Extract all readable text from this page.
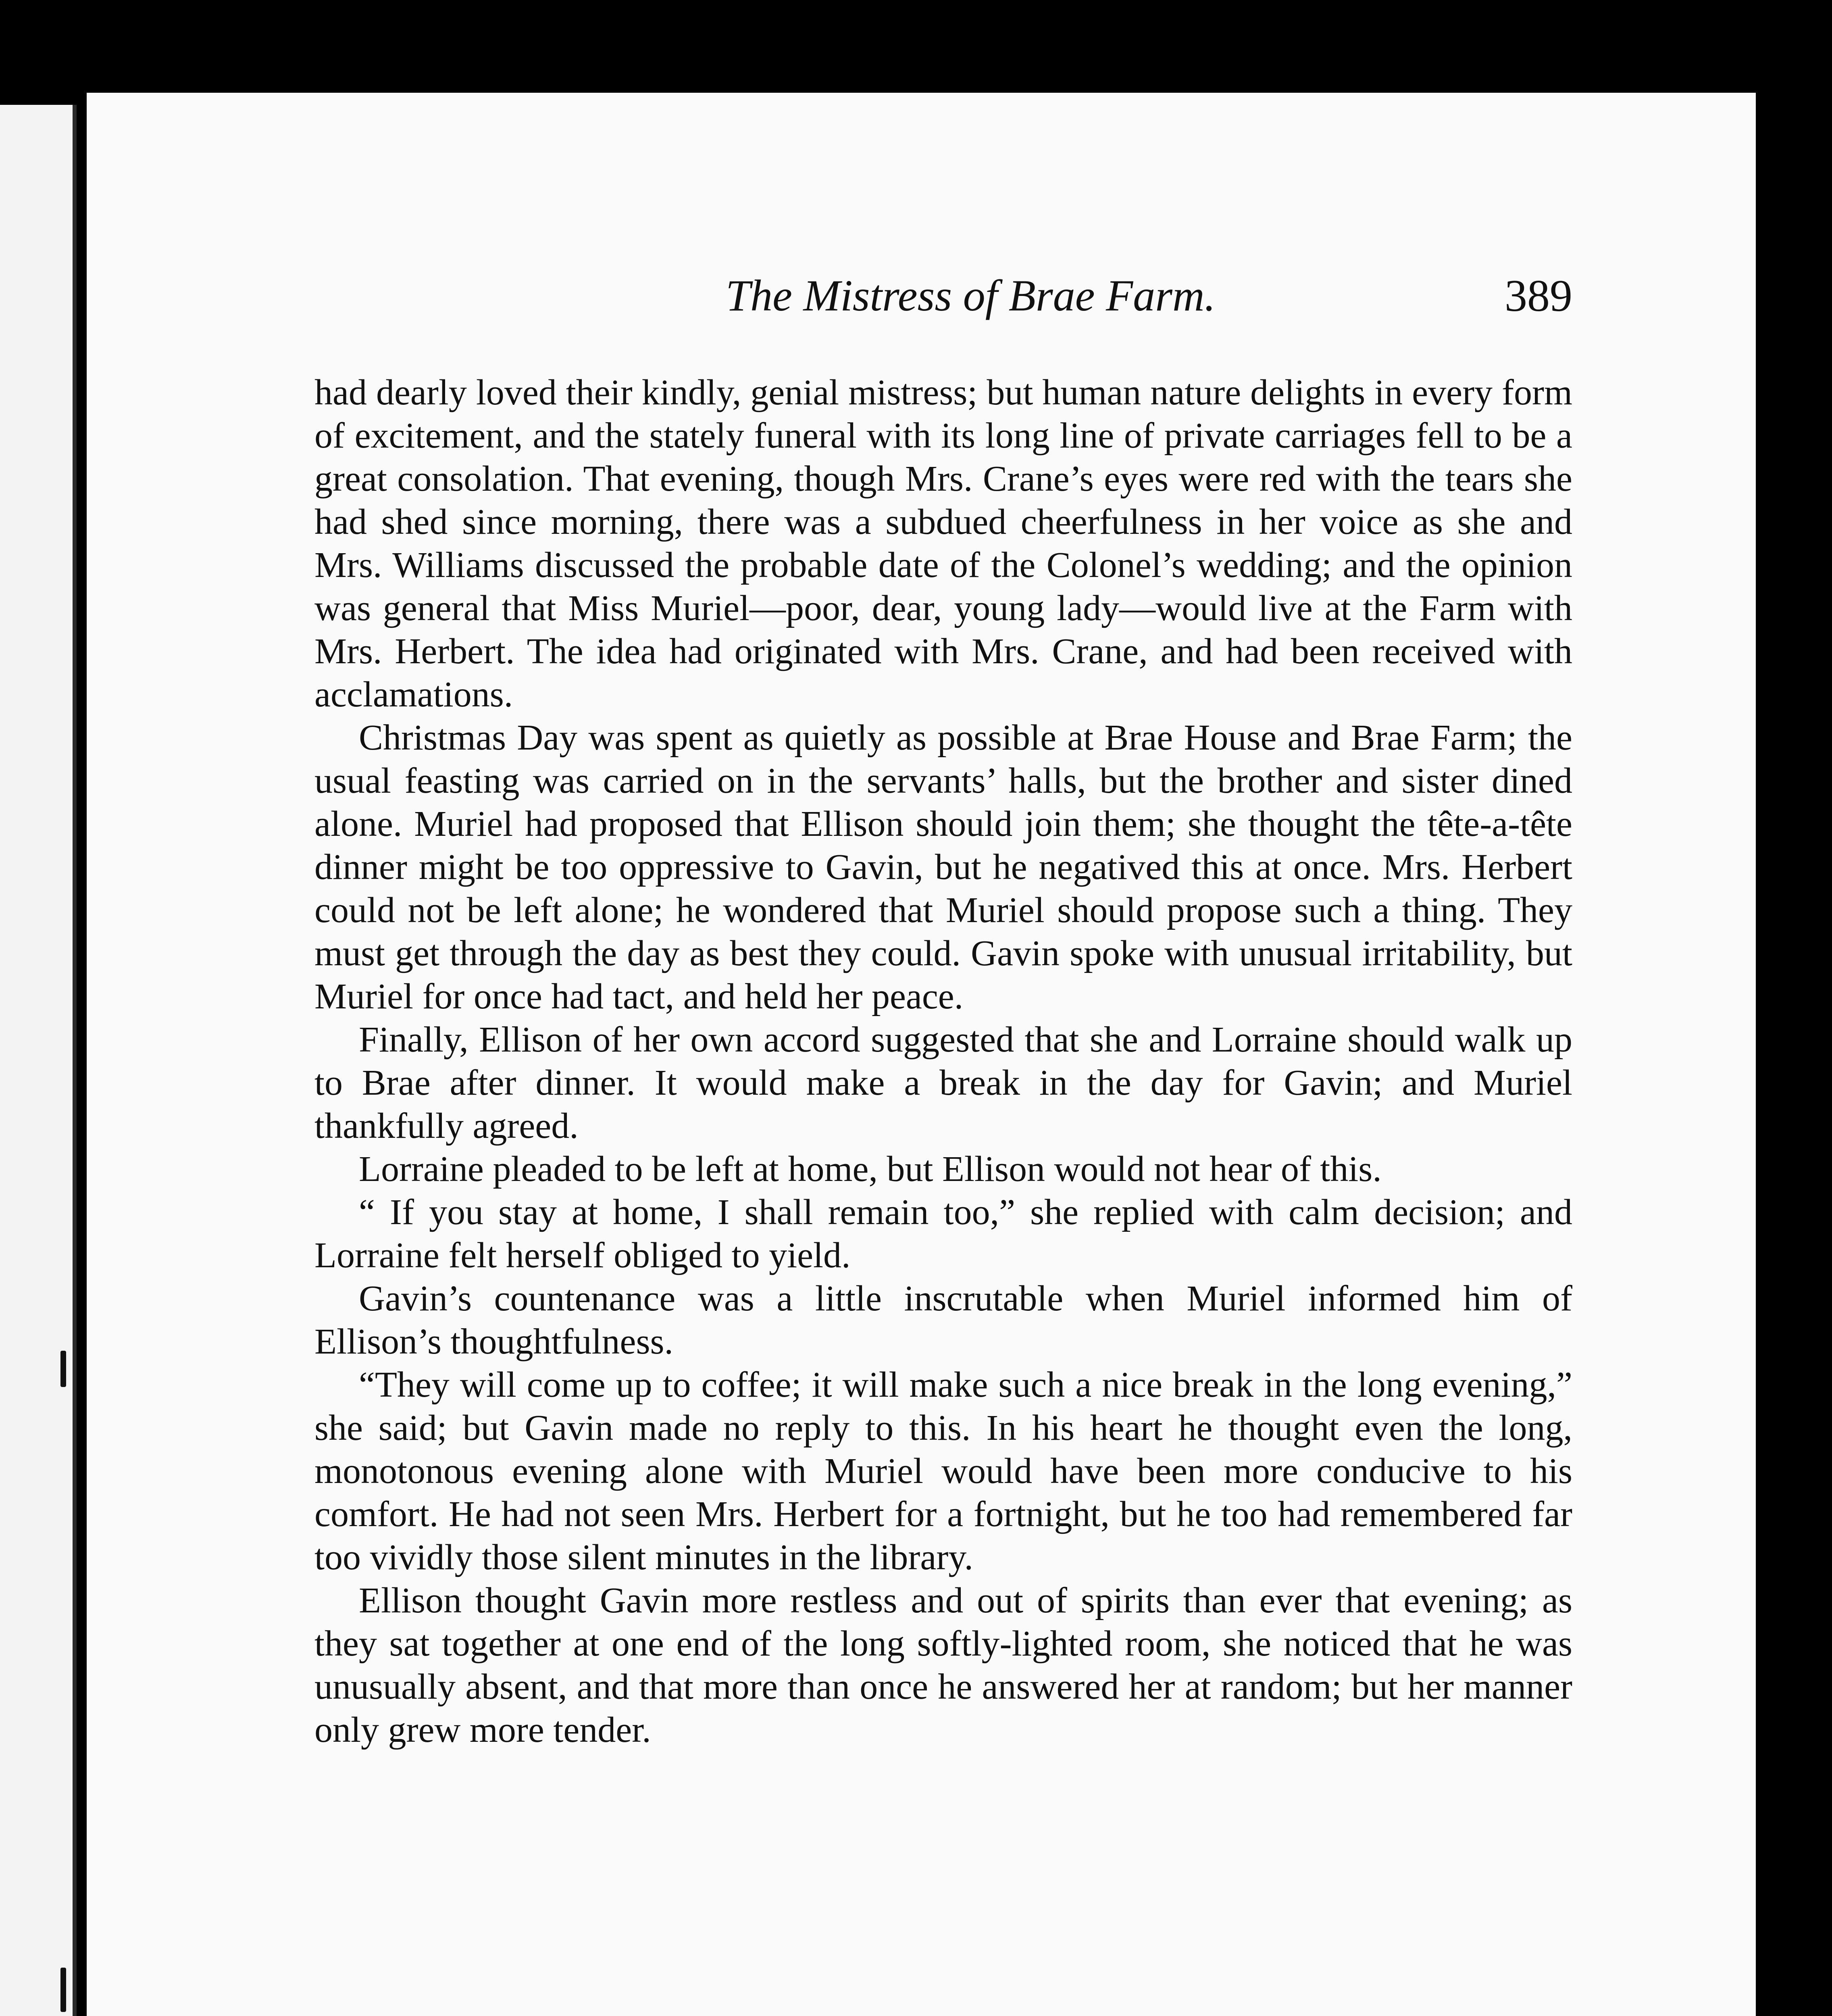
The Mistress of Brae Farm.	389

had dearly loved their kindly, genial mistress; but human nature delights in every form of excitement, and the stately funeral with its long line of private carriages fell to be a great consolation. That evening, though Mrs. Crane’s eyes were red with the tears she had shed since morning, there was a subdued cheerfulness in her voice as she and Mrs. Williams discussed the probable date of the Colonel’s wedding; and the opinion was general that Miss Muriel—poor, dear, young lady—would live at the Farm with Mrs. Herbert. The idea had originated with Mrs. Crane, and had been received with acclamations.

Christmas Day was spent as quietly as possible at Brae House and Brae Farm; the usual feasting was carried on in the servants’ halls, but the brother and sister dined alone. Muriel had proposed that Ellison should join them; she thought the tête-a-tête dinner might be too oppressive to Gavin, but he negatived this at once. Mrs. Herbert could not be left alone; he wondered that Muriel should propose such a thing. They must get through the day as best they could. Gavin spoke with unusual irritability, but Muriel for once had tact, and held her peace.

Finally, Ellison of her own accord suggested that she and Lorraine should walk up to Brae after dinner. It would make a break in the day for Gavin; and Muriel thankfully agreed.

Lorraine pleaded to be left at home, but Ellison would not hear of this.

“ If you stay at home, I shall remain too,” she replied with calm decision; and Lorraine felt herself obliged to yield.

Gavin’s countenance was a little inscrutable when Muriel informed him of Ellison’s thoughtfulness.

“They will come up to coffee; it will make such a nice break in the long evening,” she said; but Gavin made no reply to this. In his heart he thought even the long, monotonous evening alone with Muriel would have been more conducive to his comfort. He had not seen Mrs. Herbert for a fortnight, but he too had remembered far too vividly those silent minutes in the library.

Ellison thought Gavin more restless and out of spirits than ever that evening; as they sat together at one end of the long softly-lighted room, she noticed that he was unusually absent, and that more than once he answered her at random; but her manner only grew more tender.
